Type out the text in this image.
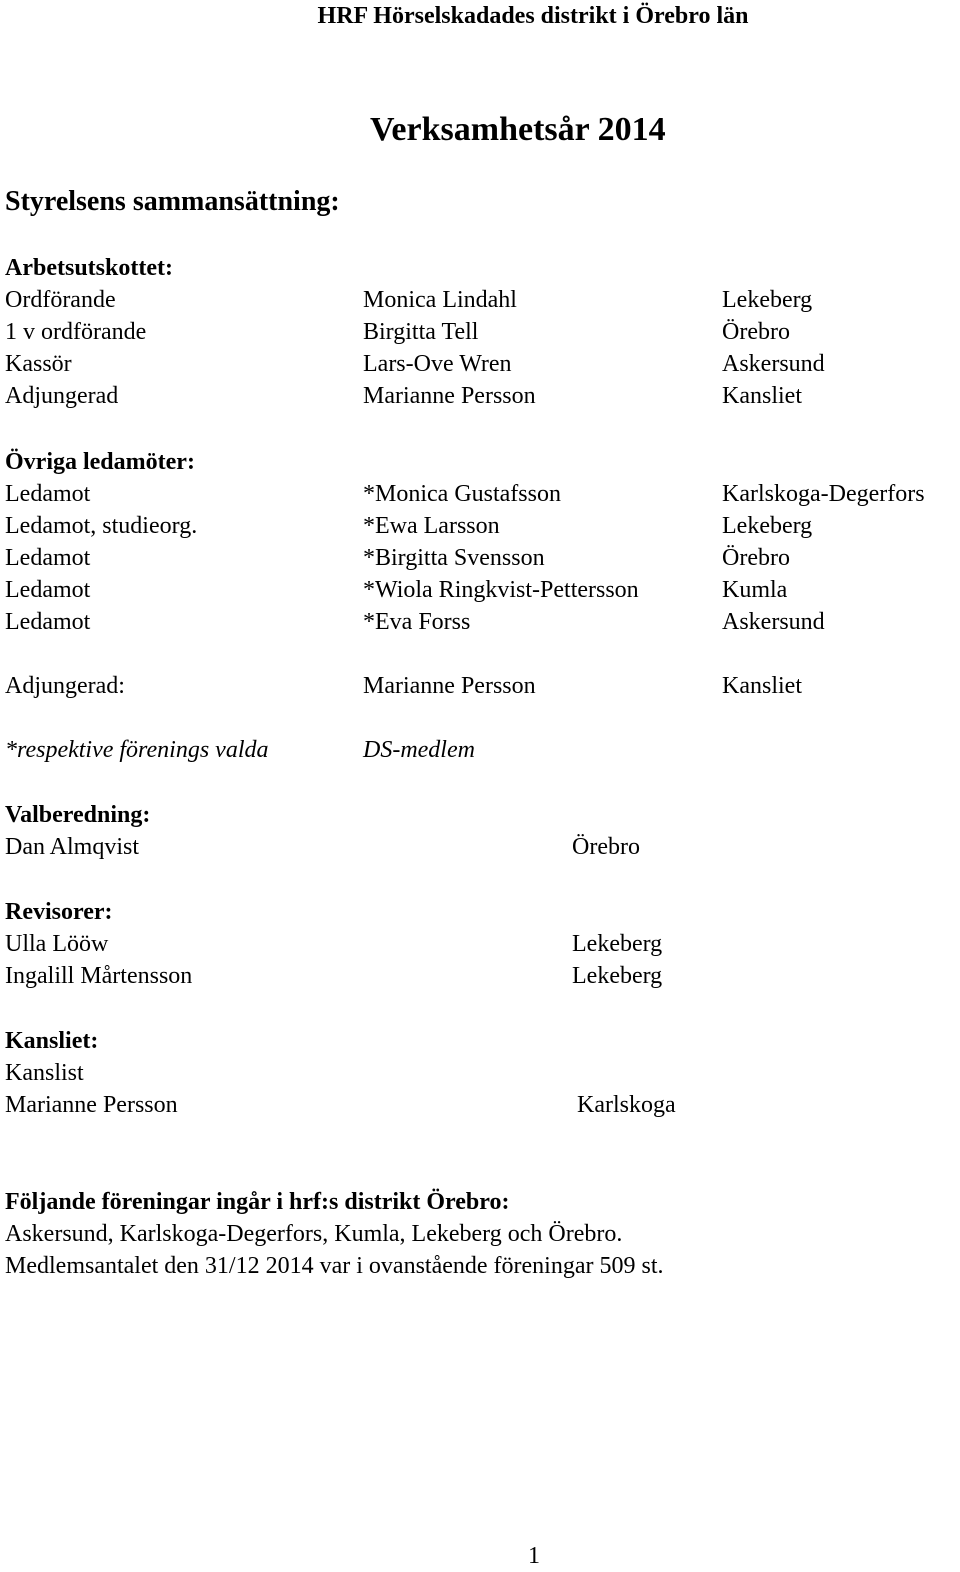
HRF Hörselskadades distrikt i Örebro län
Verksamhetsår 2014
Styrelsens sammansättning:
Arbetsutskottet:
Ordförande	Monica Lindahl	Lekeberg
1 v ordförande	Birgitta Tell	Örebro
Kassör	Lars-Ove Wren	Askersund
Adjungerad	Marianne Persson	Kansliet
Övriga ledamöter:
Ledamot	*Monica Gustafsson	Karlskoga-Degerfors
Ledamot, studieorg.	*Ewa Larsson	Lekeberg
Ledamot	*Birgitta Svensson	Örebro
Ledamot	*Wiola Ringkvist-Pettersson	Kumla
Ledamot	*Eva Forss	Askersund
Adjungerad:	Marianne Persson	Kansliet
*respektive förenings valda	DS-medlem
Valberedning:
Dan Almqvist	Örebro
Revisorer:
Ulla Lööw	Lekeberg
Ingalill Mårtensson	Lekeberg
Kansliet:
Kanslist
Marianne Persson	Karlskoga
Följande föreningar ingår i hrf:s distrikt Örebro:
Askersund, Karlskoga-Degerfors, Kumla, Lekeberg och Örebro.
Medlemsantalet den 31/12 2014 var i ovanstående föreningar 509 st.
1
